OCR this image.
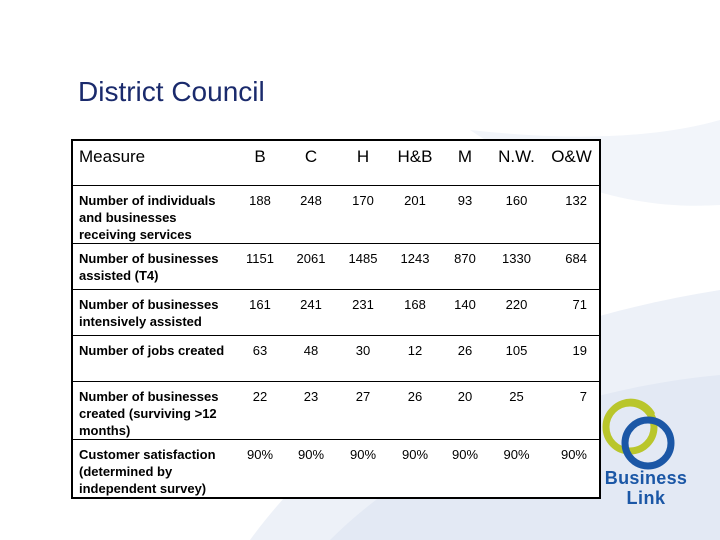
District Council
Measure	B	C	H	H&B	M	N.W.	O&W
Number of individuals and businesses receiving services	188	248	170	201	93	160	132
Number of businesses assisted (T4)	1151	2061	1485	1243	870	1330	684
Number of businesses intensively assisted	161	241	231	168	140	220	71
Number of jobs created	63	48	30	12	26	105	19
Number of businesses created (surviving >12 months)	22	23	27	26	20	25	7
Customer satisfaction (determined by independent survey)	90%	90%	90%	90%	90%	90%	90%
Business
Link
